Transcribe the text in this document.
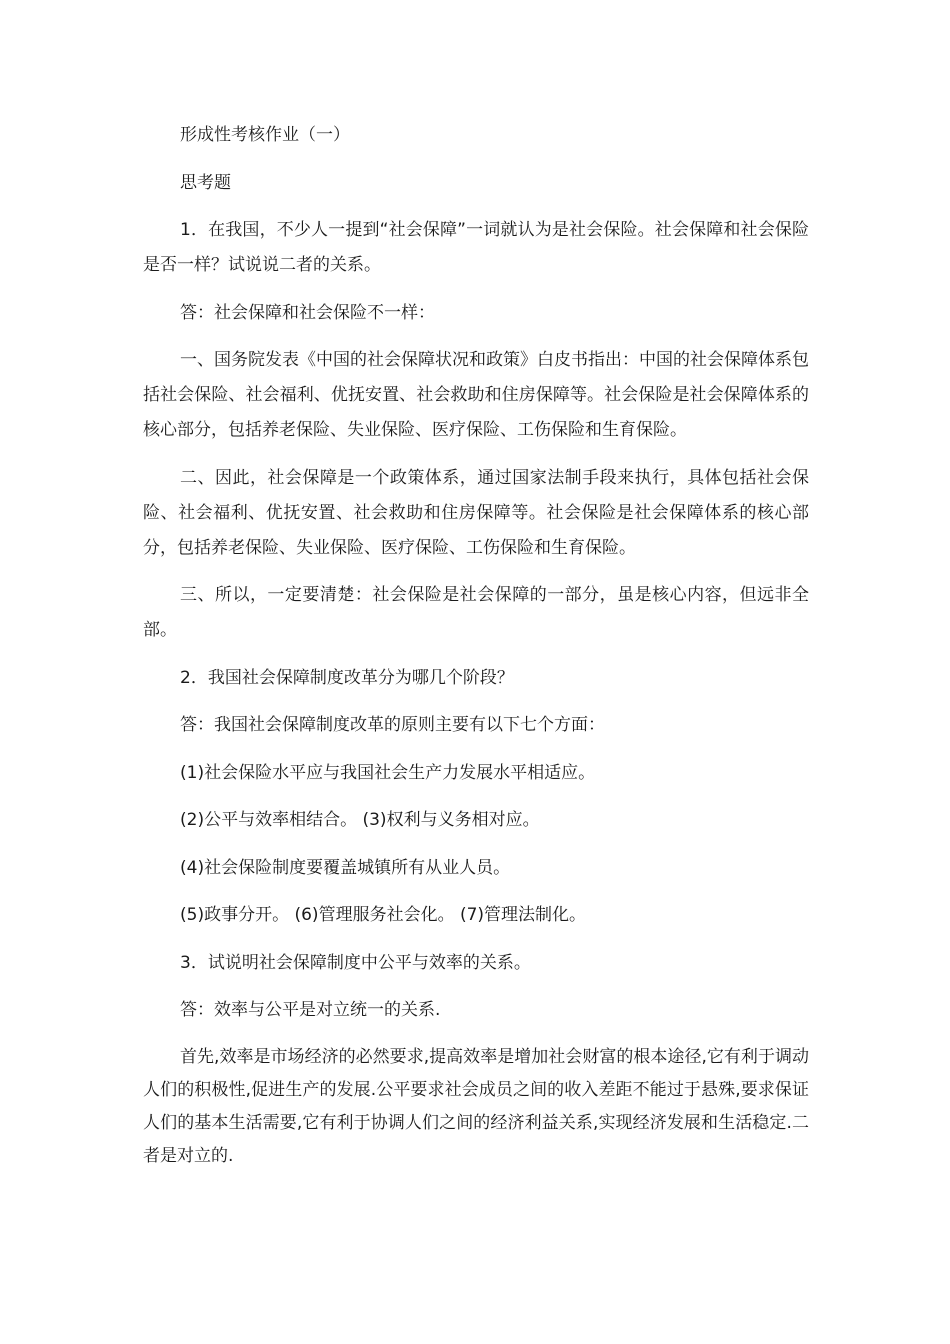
形成性考核作业（一）

思考题

1．在我国，不少人一提到“社会保障”一词就认为是社会保险。社会保障和社会保险是否一样？试说说二者的关系。

答：社会保障和社会保险不一样：

一、国务院发表《中国的社会保障状况和政策》白皮书指出：中国的社会保障体系包括社会保险、社会福利、优抚安置、社会救助和住房保障等。社会保险是社会保障体系的核心部分，包括养老保险、失业保险、医疗保险、工伤保险和生育保险。

二、因此，社会保障是一个政策体系，通过国家法制手段来执行，具体包括社会保险、社会福利、优抚安置、社会救助和住房保障等。社会保险是社会保障体系的核心部分，包括养老保险、失业保险、医疗保险、工伤保险和生育保险。

三、所以，一定要清楚：社会保险是社会保障的一部分，虽是核心内容，但远非全部。

2．我国社会保障制度改革分为哪几个阶段？

答：我国社会保障制度改革的原则主要有以下七个方面：

(1)社会保险水平应与我国社会生产力发展水平相适应。

(2)公平与效率相结合。 (3)权利与义务相对应。

(4)社会保险制度要覆盖城镇所有从业人员。

(5)政事分开。 (6)管理服务社会化。 (7)管理法制化。

3．试说明社会保障制度中公平与效率的关系。

答：效率与公平是对立统一的关系.

首先,效率是市场经济的必然要求,提高效率是增加社会财富的根本途径,它有利于调动人们的积极性,促进生产的发展.公平要求社会成员之间的收入差距不能过于悬殊,要求保证人们的基本生活需要,它有利于协调人们之间的经济利益关系,实现经济发展和生活稳定.二者是对立的.
